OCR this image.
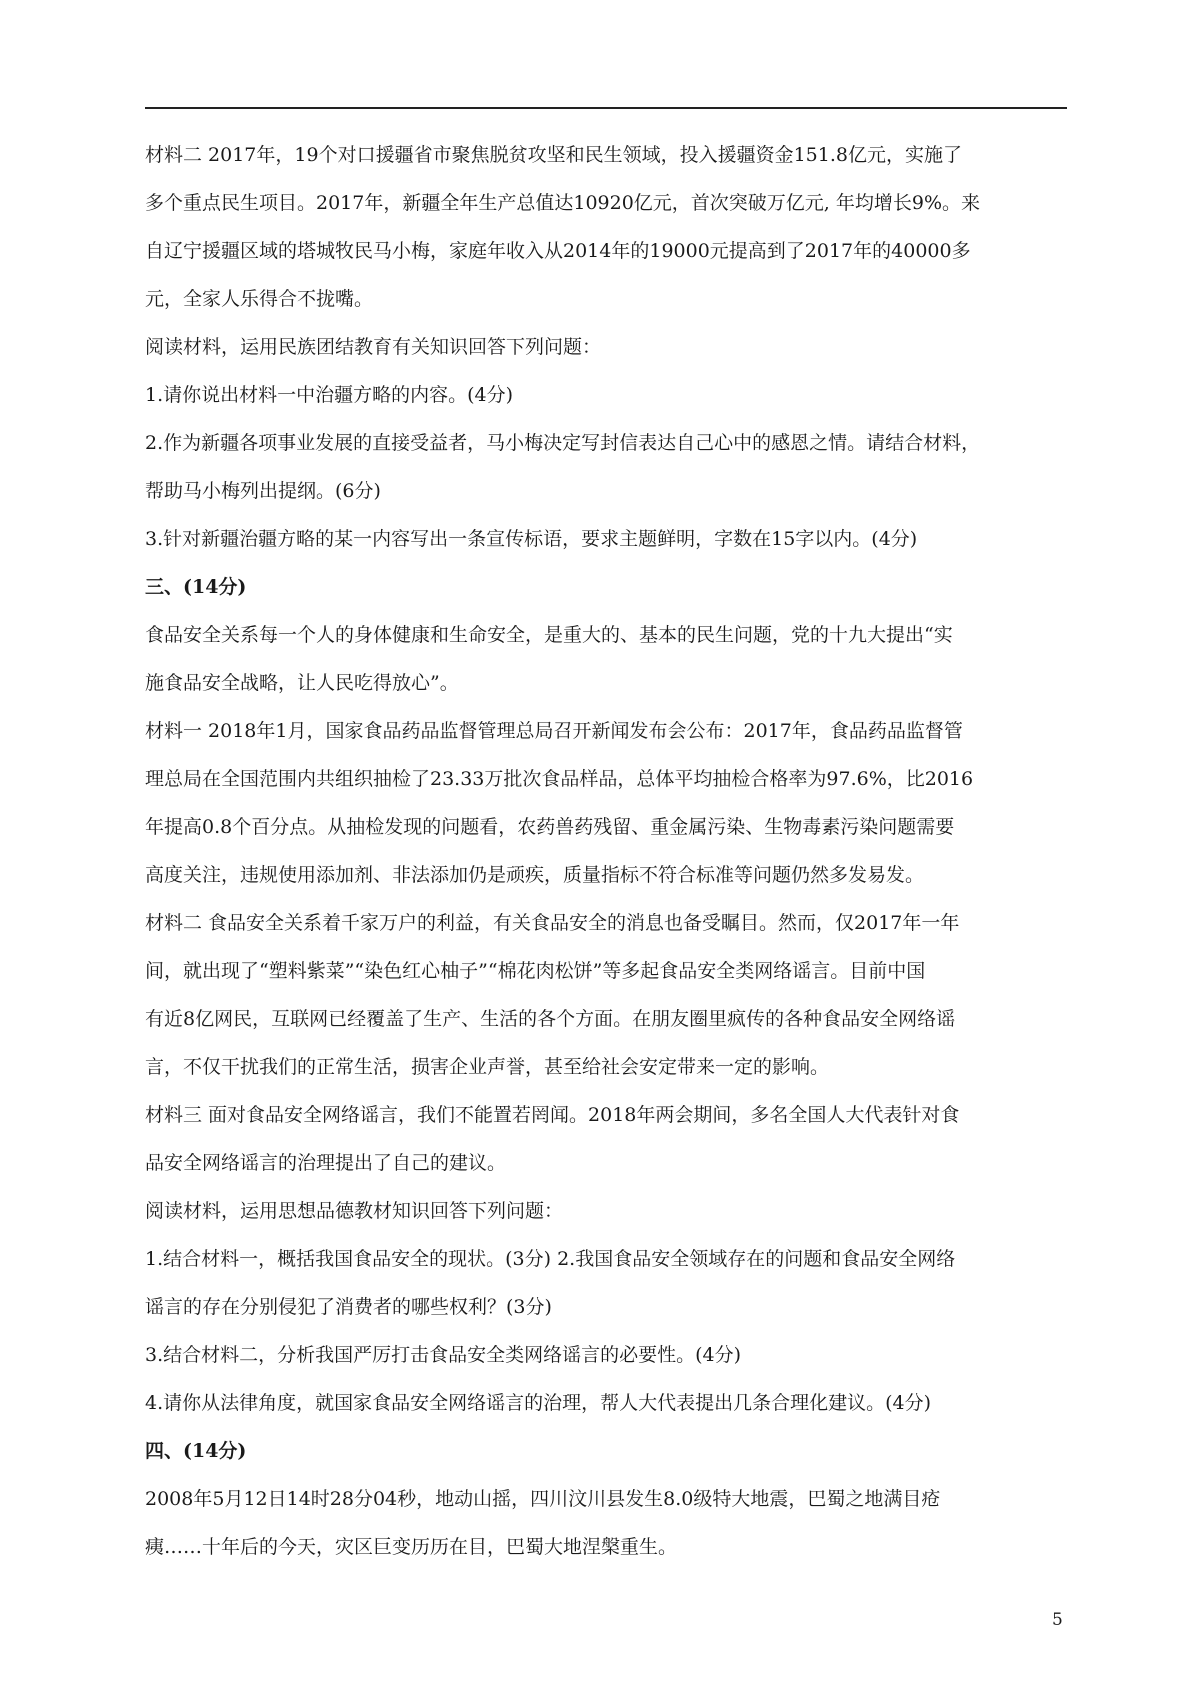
材料二 2017年，19个对口援疆省市聚焦脱贫攻坚和民生领域，投入援疆资金151.8亿元，实施了
多个重点民生项目。2017年，新疆全年生产总值达10920亿元，首次突破万亿元, 年均增长9%。来
自辽宁援疆区域的塔城牧民马小梅，家庭年收入从2014年的19000元提高到了2017年的40000多
元，全家人乐得合不拢嘴。
阅读材料，运用民族团结教育有关知识回答下列问题：
1.请你说出材料一中治疆方略的内容。(4分)
2.作为新疆各项事业发展的直接受益者，马小梅决定写封信表达自己心中的感恩之情。请结合材料，
帮助马小梅列出提纲。(6分)
3.针对新疆治疆方略的某一内容写出一条宣传标语，要求主题鲜明，字数在15字以内。(4分)
三、(14分)
食品安全关系每一个人的身体健康和生命安全，是重大的、基本的民生问题，党的十九大提出“实
施食品安全战略，让人民吃得放心”。
材料一 2018年1月，国家食品药品监督管理总局召开新闻发布会公布：2017年，食品药品监督管
理总局在全国范围内共组织抽检了23.33万批次食品样品，总体平均抽检合格率为97.6%，比2016
年提高0.8个百分点。从抽检发现的问题看，农药兽药残留、重金属污染、生物毒素污染问题需要
高度关注，违规使用添加剂、非法添加仍是顽疾，质量指标不符合标准等问题仍然多发易发。
材料二 食品安全关系着千家万户的利益，有关食品安全的消息也备受瞩目。然而，仅2017年一年
间，就出现了“塑料紫菜”“染色红心柚子”“棉花肉松饼”等多起食品安全类网络谣言。目前中国
有近8亿网民，互联网已经覆盖了生产、生活的各个方面。在朋友圈里疯传的各种食品安全网络谣
言，不仅干扰我们的正常生活，损害企业声誉，甚至给社会安定带来一定的影响。
材料三 面对食品安全网络谣言，我们不能置若罔闻。2018年两会期间，多名全国人大代表针对食
品安全网络谣言的治理提出了自己的建议。
阅读材料，运用思想品德教材知识回答下列问题：
1.结合材料一，概括我国食品安全的现状。(3分) 2.我国食品安全领域存在的问题和食品安全网络
谣言的存在分别侵犯了消费者的哪些权利？(3分)
3.结合材料二，分析我国严厉打击食品安全类网络谣言的必要性。(4分)
4.请你从法律角度，就国家食品安全网络谣言的治理，帮人大代表提出几条合理化建议。(4分)
四、(14分)
2008年5月12日14时28分04秒，地动山摇，四川汶川县发生8.0级特大地震，巴蜀之地满目疮
痍……十年后的今天，灾区巨变历历在目，巴蜀大地涅槃重生。
5
